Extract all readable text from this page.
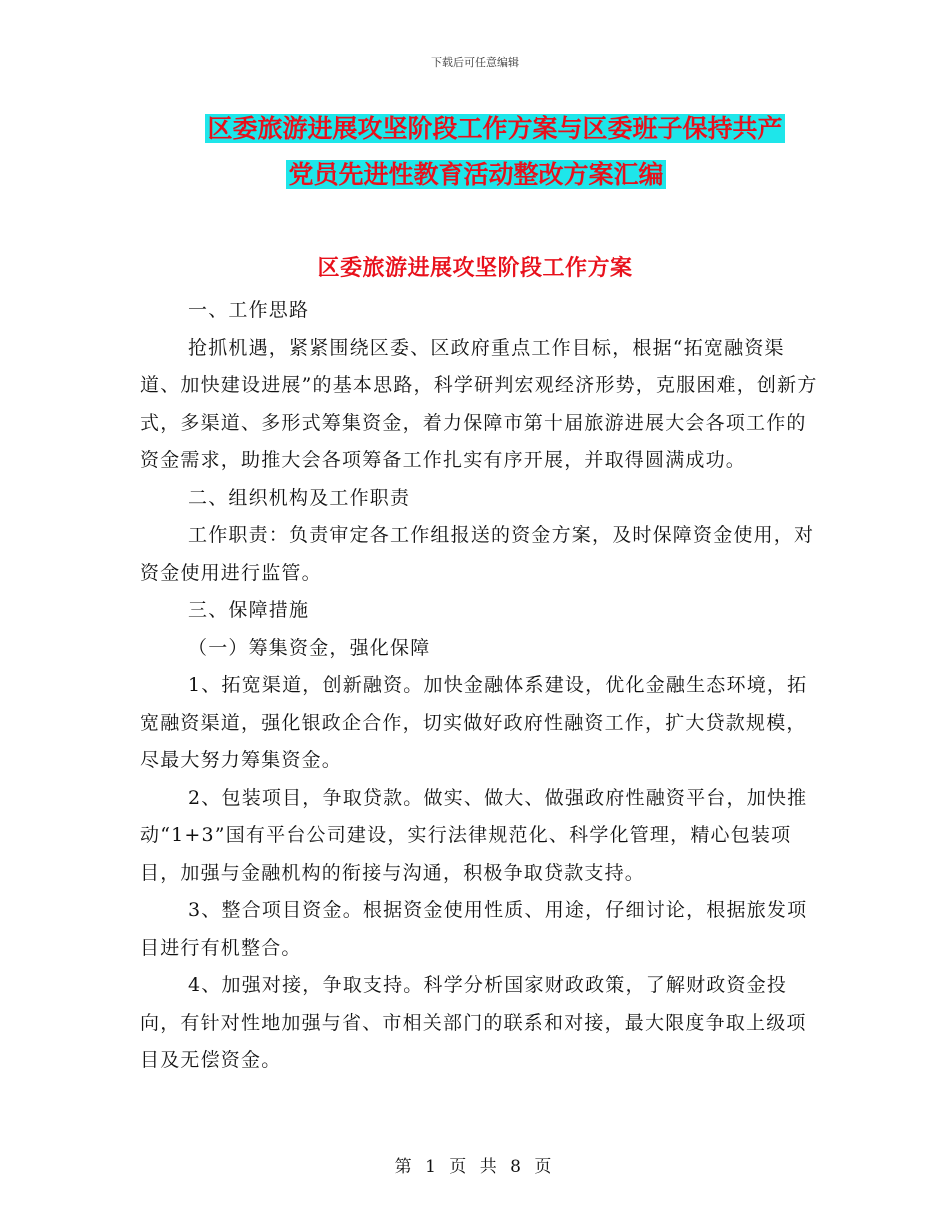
下载后可任意编辑
区委旅游进展攻坚阶段工作方案与区委班子保持共产
党员先进性教育活动整改方案汇编
区委旅游进展攻坚阶段工作方案

一、工作思路

抢抓机遇，紧紧围绕区委、区政府重点工作目标，根据“拓宽融资渠道、加快建设进展”的基本思路，科学研判宏观经济形势，克服困难，创新方式，多渠道、多形式筹集资金，着力保障市第十届旅游进展大会各项工作的资金需求，助推大会各项筹备工作扎实有序开展，并取得圆满成功。

二、组织机构及工作职责

工作职责：负责审定各工作组报送的资金方案，及时保障资金使用，对资金使用进行监管。

三、保障措施

（一）筹集资金，强化保障

1、拓宽渠道，创新融资。加快金融体系建设，优化金融生态环境，拓宽融资渠道，强化银政企合作，切实做好政府性融资工作，扩大贷款规模，尽最大努力筹集资金。

2、包装项目，争取贷款。做实、做大、做强政府性融资平台，加快推动“1+3”国有平台公司建设，实行法律规范化、科学化管理，精心包装项目，加强与金融机构的衔接与沟通，积极争取贷款支持。

3、整合项目资金。根据资金使用性质、用途，仔细讨论，根据旅发项目进行有机整合。

4、加强对接，争取支持。科学分析国家财政政策，了解财政资金投向，有针对性地加强与省、市相关部门的联系和对接，最大限度争取上级项目及无偿资金。

第 1 页 共 8 页
